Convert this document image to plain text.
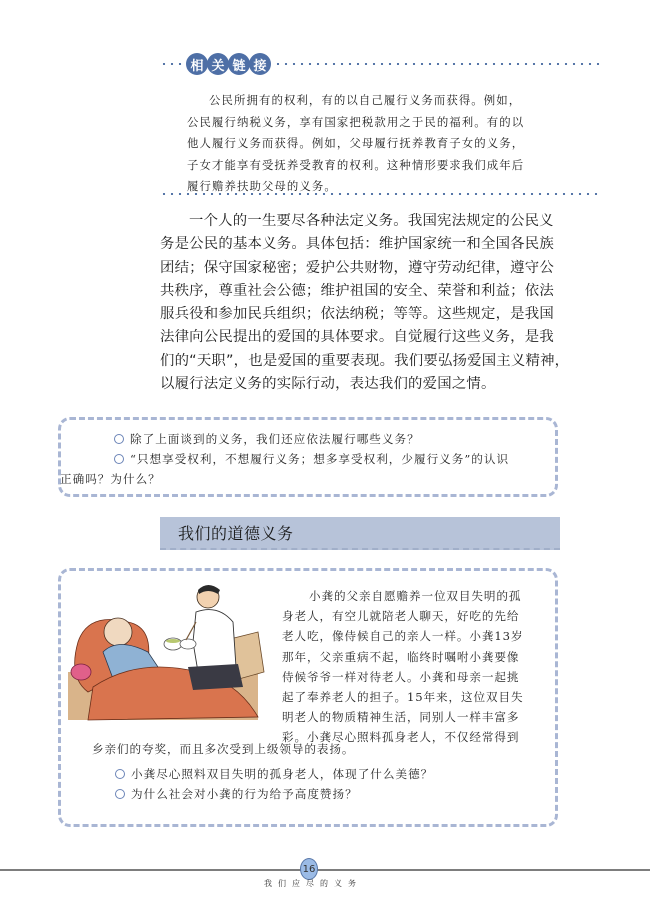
相 关 链 接
公民所拥有的权利，有的以自己履行义务而获得。例如，
公民履行纳税义务，享有国家把税款用之于民的福利。有的以
他人履行义务而获得。例如，父母履行抚养教育子女的义务，
子女才能享有受抚养受教育的权利。这种情形要求我们成年后
履行赡养扶助父母的义务。
一个人的一生要尽各种法定义务。我国宪法规定的公民义
务是公民的基本义务。具体包括：维护国家统一和全国各民族
团结；保守国家秘密；爱护公共财物，遵守劳动纪律，遵守公
共秩序，尊重社会公德；维护祖国的安全、荣誉和利益；依法
服兵役和参加民兵组织；依法纳税；等等。这些规定，是我国
法律向公民提出的爱国的具体要求。自觉履行这些义务，是我
们的“天职”，也是爱国的重要表现。我们要弘扬爱国主义精神，
以履行法定义务的实际行动，表达我们的爱国之情。
除了上面谈到的义务，我们还应依法履行哪些义务？
“只想享受权利，不想履行义务；想多享受权利，少履行义务”的认识
正确吗？为什么？
我们的道德义务
小龚的父亲自愿赡养一位双目失明的孤
身老人，有空儿就陪老人聊天，好吃的先给
老人吃，像侍候自己的亲人一样。小龚13岁
那年，父亲重病不起，临终时嘱咐小龚要像
侍候爷爷一样对待老人。小龚和母亲一起挑
起了奉养老人的担子。15年来，这位双目失
明老人的物质精神生活，同别人一样丰富多
彩。小龚尽心照料孤身老人，不仅经常得到
乡亲们的夸奖，而且多次受到上级领导的表扬。
小龚尽心照料双目失明的孤身老人，体现了什么美德？
为什么社会对小龚的行为给予高度赞扬？
16
我们应尽的义务
